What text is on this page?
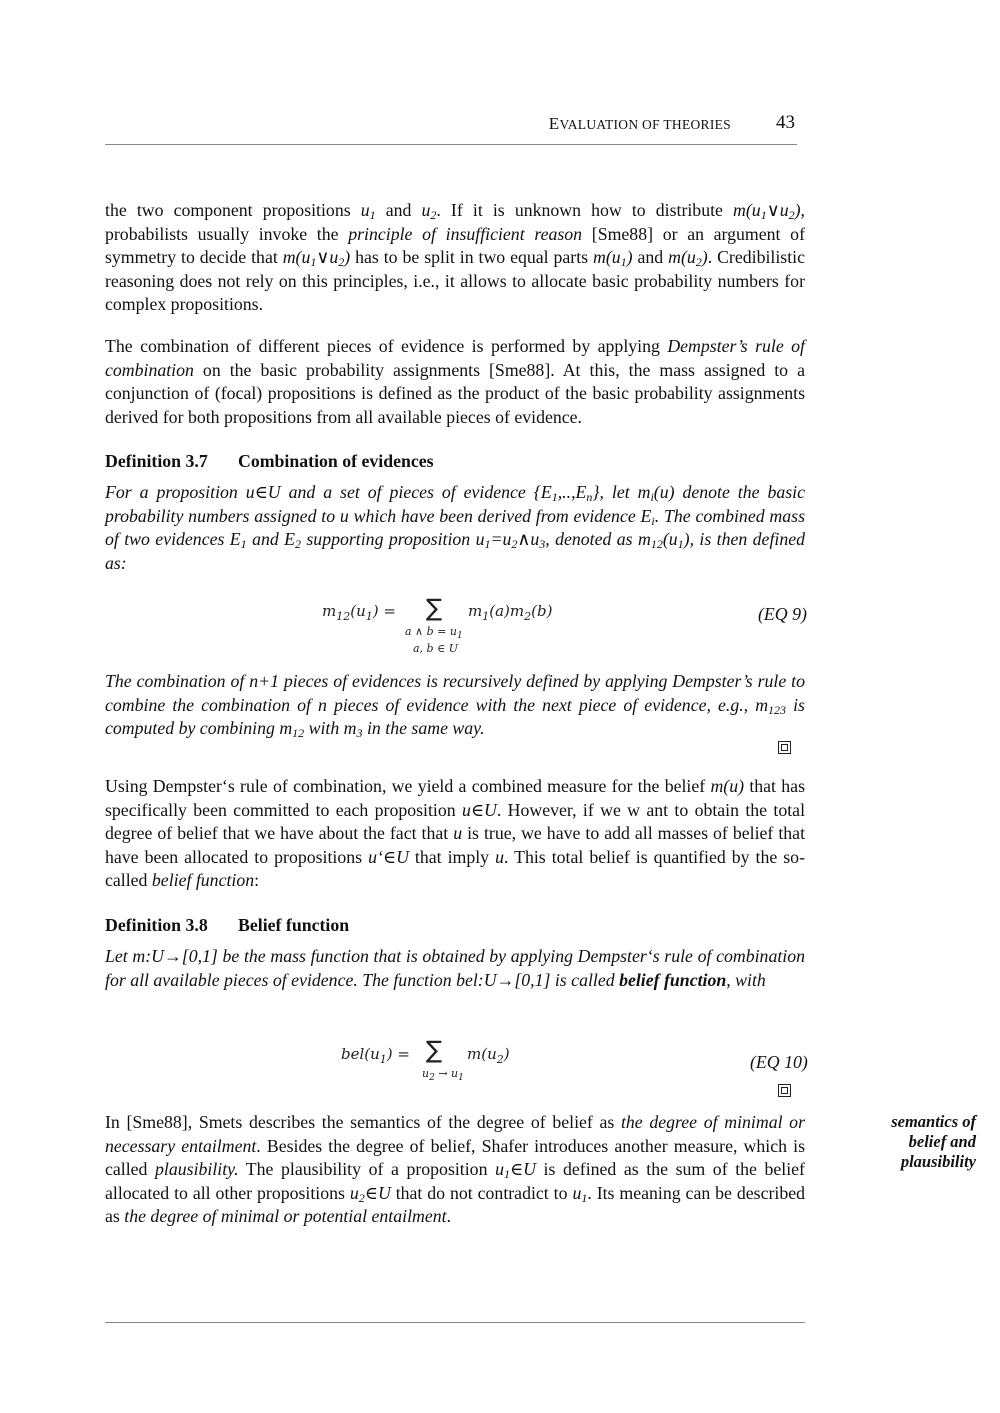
EVALUATION OF THEORIES 43

the two component propositions $u_1$ and $u_2$. If it is unknown how to distribute $m(u_1\vee u_2)$, probabilists usually invoke the principle of insufficient reason [Sme88] or an argument of symmetry to decide that $m(u_1\vee u_2)$ has to be split in two equal parts $m(u_1)$ and $m(u_2)$. Credibilistic reasoning does not rely on this principles, i.e., it allows to allocate basic probability numbers for complex propositions.

The combination of different pieces of evidence is performed by applying Dempster’s rule of combination on the basic probability assignments [Sme88]. At this, the mass assigned to a conjunction of (focal) propositions is defined as the product of the basic probability assignments derived for both propositions from all available pieces of evidence.

Definition 3.7 Combination of evidences

For a proposition u∈U and a set of pieces of evidence $\{E_1,..,E_n\}$, let $m_i(u)$ denote the basic probability numbers assigned to u which have been derived from evidence $E_i$. The combined mass of two evidences $E_1$ and $E_2$ supporting proposition $u_1=u_2\wedge u_3$, denoted as $m_{12}(u_1)$, is then defined as:

$m_{12}(u_1)$ = ∑ $m_1(a)m_2(b)$
a ∧ $b = u_1$
a, b ∈ U
(EQ 9)

The combination of n+1 pieces of evidences is recursively defined by applying Dempster’s rule to combine the combination of n pieces of evidence with the next piece of evidence, e.g., $m_{123}$ is computed by combining $m_{12}$ with $m_3$ in the same way.

Using Dempster‘s rule of combination, we yield a combined measure for the belief m(u) that has specifically been committed to each proposition u∈U. However, if we w ant to obtain the total degree of belief that we have about the fact that u is true, we have to add all masses of belief that have been allocated to propositions u‘∈U that imply u. This total belief is quantified by the so-called belief function:

Definition 3.8 Belief function

Let m:U→[0,1] be the mass function that is obtained by applying Dempster‘s rule of combination for all available pieces of evidence. The function bel:U→[0,1] is called belief function, with

$bel(u_1)$ = ∑ $m(u_2)$
$u_2 \to u_1$
(EQ 10)

In [Sme88], Smets describes the semantics of the degree of belief as the degree of minimal or necessary entailment. Besides the degree of belief, Shafer introduces another measure, which is called plausibility. The plausibility of a proposition $u_1\in U$ is defined as the sum of the belief allocated to all other propositions $u_2\in U$ that do not contradict to $u_1$. Its meaning can be described as the degree of minimal or potential entailment.

semantics of
belief and
plausibility
